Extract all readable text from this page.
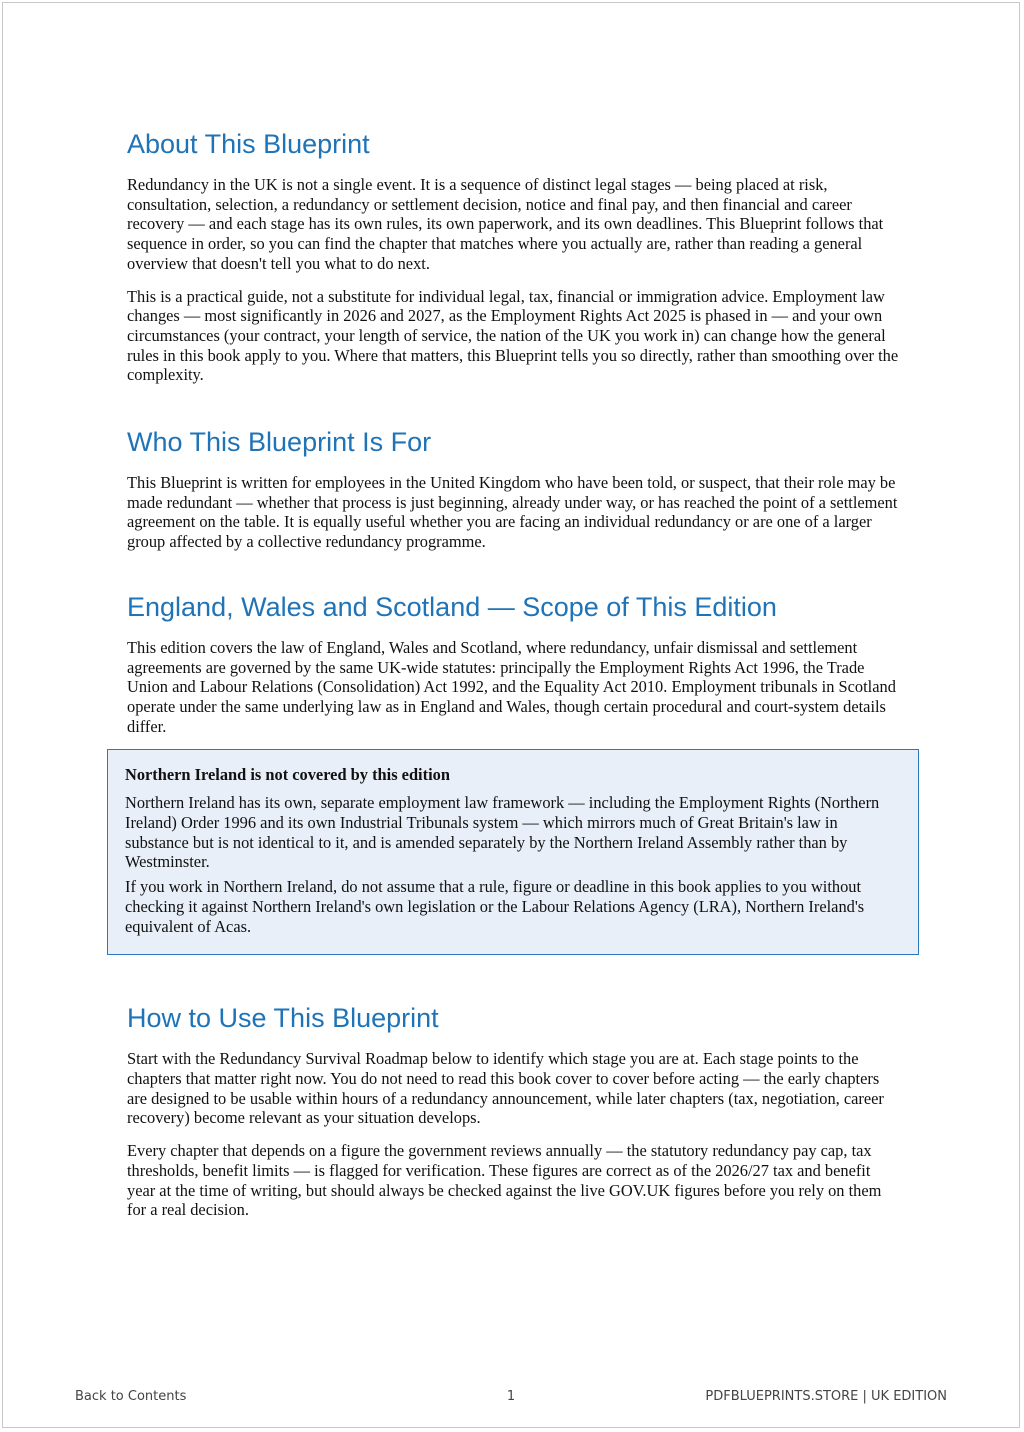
About This Blueprint

Redundancy in the UK is not a single event. It is a sequence of distinct legal stages — being placed at risk, consultation, selection, a redundancy or settlement decision, notice and final pay, and then financial and career recovery — and each stage has its own rules, its own paperwork, and its own deadlines. This Blueprint follows that sequence in order, so you can find the chapter that matches where you actually are, rather than reading a general overview that doesn't tell you what to do next.

This is a practical guide, not a substitute for individual legal, tax, financial or immigration advice. Employment law changes — most significantly in 2026 and 2027, as the Employment Rights Act 2025 is phased in — and your own circumstances (your contract, your length of service, the nation of the UK you work in) can change how the general rules in this book apply to you. Where that matters, this Blueprint tells you so directly, rather than smoothing over the complexity.

Who This Blueprint Is For

This Blueprint is written for employees in the United Kingdom who have been told, or suspect, that their role may be made redundant — whether that process is just beginning, already under way, or has reached the point of a settlement agreement on the table. It is equally useful whether you are facing an individual redundancy or are one of a larger group affected by a collective redundancy programme.

England, Wales and Scotland — Scope of This Edition

This edition covers the law of England, Wales and Scotland, where redundancy, unfair dismissal and settlement agreements are governed by the same UK-wide statutes: principally the Employment Rights Act 1996, the Trade Union and Labour Relations (Consolidation) Act 1992, and the Equality Act 2010. Employment tribunals in Scotland operate under the same underlying law as in England and Wales, though certain procedural and court-system details differ.

Northern Ireland is not covered by this edition

Northern Ireland has its own, separate employment law framework — including the Employment Rights (Northern Ireland) Order 1996 and its own Industrial Tribunals system — which mirrors much of Great Britain's law in substance but is not identical to it, and is amended separately by the Northern Ireland Assembly rather than by Westminster.

If you work in Northern Ireland, do not assume that a rule, figure or deadline in this book applies to you without checking it against Northern Ireland's own legislation or the Labour Relations Agency (LRA), Northern Ireland's equivalent of Acas.

How to Use This Blueprint

Start with the Redundancy Survival Roadmap below to identify which stage you are at. Each stage points to the chapters that matter right now. You do not need to read this book cover to cover before acting — the early chapters are designed to be usable within hours of a redundancy announcement, while later chapters (tax, negotiation, career recovery) become relevant as your situation develops.

Every chapter that depends on a figure the government reviews annually — the statutory redundancy pay cap, tax thresholds, benefit limits — is flagged for verification. These figures are correct as of the 2026/27 tax and benefit year at the time of writing, but should always be checked against the live GOV.UK figures before you rely on them for a real decision.

Back to Contents	1	PDFBLUEPRINTS.STORE | UK EDITION
